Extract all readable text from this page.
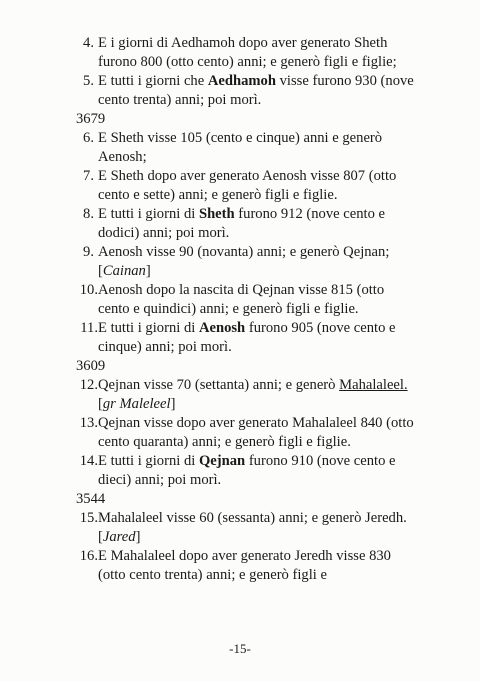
4. E i giorni di Aedhamoh dopo aver generato Sheth furono 800 (otto cento) anni; e generò figli e figlie;
5. E tutti i giorni che Aedhamoh visse furono 930 (nove cento trenta) anni; poi morì.
3679
6. E Sheth visse 105 (cento e cinque) anni e generò Aenosh;
7. E Sheth dopo aver generato Aenosh visse 807 (otto cento e sette) anni; e generò figli e figlie.
8. E tutti i giorni di Sheth furono 912 (nove cento e dodici) anni; poi morì.
9. Aenosh visse 90 (novanta) anni; e generò Qejnan; [Cainan]
10. Aenosh dopo la nascita di Qejnan visse 815 (otto cento e quindici) anni; e generò figli e figlie.
11. E tutti i giorni di Aenosh furono 905 (nove cento e cinque) anni; poi morì.
3609
12. Qejnan visse 70 (settanta) anni; e generò Mahalaleel. [gr Maleleel]
13. Qejnan visse dopo aver generato Mahalaleel 840 (otto cento quaranta) anni; e generò figli e figlie.
14. E tutti i giorni di Qejnan furono 910 (nove cento e dieci) anni; poi morì.
3544
15. Mahalaleel visse 60 (sessanta) anni; e generò Jeredh. [Jared]
16. E Mahalaleel dopo aver generato Jeredh visse 830 (otto cento trenta) anni; e generò figli e
-15-
